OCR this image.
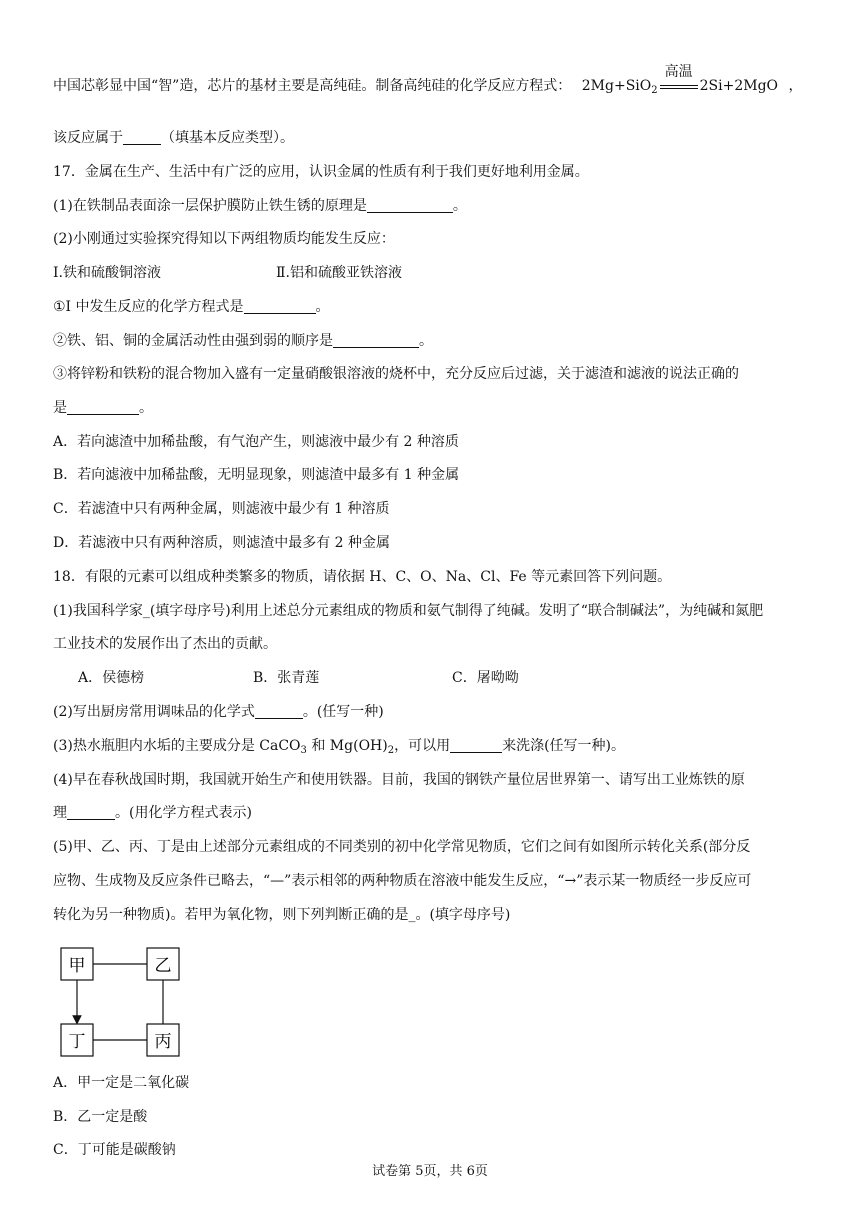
中国芯彰显中国“智”造，芯片的基材主要是高纯硅。制备高纯硅的化学反应方程式： 2Mg+SiO$_2$
高温
2Si+2MgO ，
该反应属于	（填基本反应类型）。
17．金属在生产、生活中有广泛的应用，认识金属的性质有利于我们更好地利用金属。
(1)在铁制品表面涂一层保护膜防止铁生锈的原理是	。
(2)小刚通过实验探究得知以下两组物质均能发生反应：
I.铁和硫酸铜溶液	Ⅱ.铝和硫酸亚铁溶液
①I 中发生反应的化学方程式是	。
②铁、铝、铜的金属活动性由强到弱的顺序是	。
③将锌粉和铁粉的混合物加入盛有一定量硝酸银溶液的烧杯中，充分反应后过滤，关于滤渣和滤液的说法正确的
是	。
A．若向滤渣中加稀盐酸，有气泡产生，则滤液中最少有 2 种溶质
B．若向滤液中加稀盐酸，无明显现象，则滤渣中最多有 1 种金属
C．若滤渣中只有两种金属，则滤液中最少有 1 种溶质
D．若滤液中只有两种溶质，则滤渣中最多有 2 种金属
18．有限的元素可以组成种类繁多的物质，请依据 H、C、O、Na、Cl、Fe 等元素回答下列问题。
(1)我国科学家_(填字母序号)利用上述总分元素组成的物质和氨气制得了纯碱。发明了“联合制碱法”，为纯碱和氮肥
工业技术的发展作出了杰出的贡献。
A．侯德榜	B．张青莲	C．屠呦呦
(2)写出厨房常用调味品的化学式	。(任写一种)
(3)热水瓶胆内水垢的主要成分是 CaCO$_3$ 和 $Mg(OH)_2$，可以用	来洗涤(任写一种)。
(4)早在春秋战国时期，我国就开始生产和使用铁器。目前，我国的钢铁产量位居世界第一、请写出工业炼铁的原
理	。(用化学方程式表示)
(5)甲、乙、丙、丁是由上述部分元素组成的不同类别的初中化学常见物质，它们之间有如图所示转化关系(部分反
应物、生成物及反应条件已略去，“—”表示相邻的两种物质在溶液中能发生反应，“→”表示某一物质经一步反应可
转化为另一种物质)。若甲为氧化物，则下列判断正确的是_。(填字母序号)
甲	乙
丁	丙
A．甲一定是二氧化碳
B．乙一定是酸
C．丁可能是碳酸钠
试卷第 5页，共 6页
